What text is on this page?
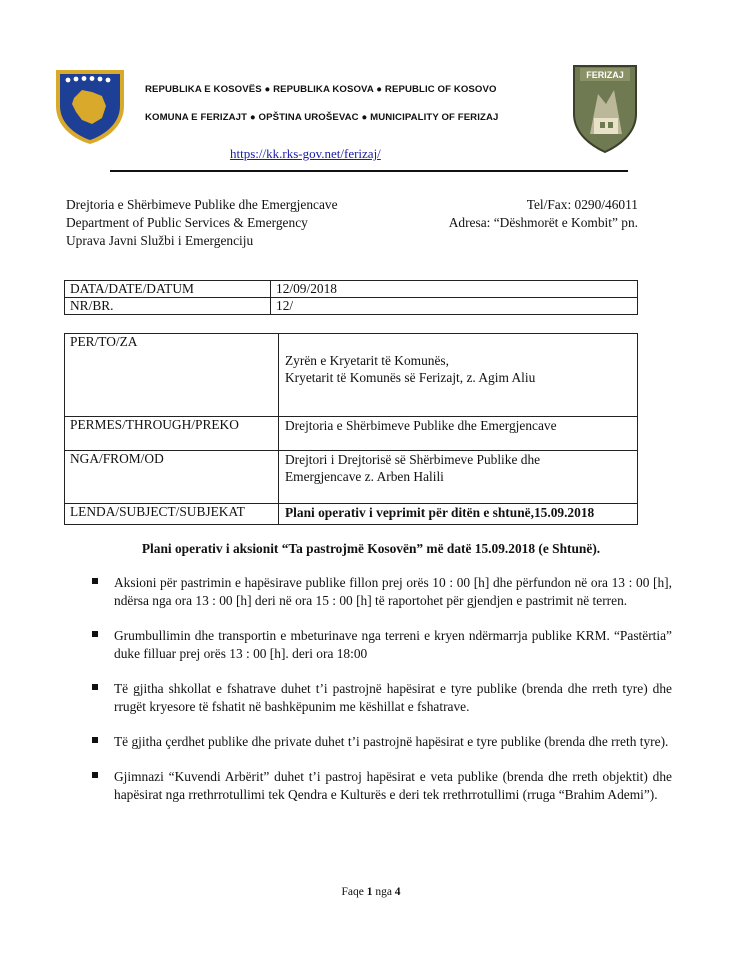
REPUBLIKA E KOSOVËS ● REPUBLIKA KOSOVA ● REPUBLIC OF KOSOVO
KOMUNA E FERIZAJT ● OPŠTINA UROŠEVAC ● MUNICIPALITY OF FERIZAJ
FERIZAJ
https://kk.rks-gov.net/ferizaj/
Drejtoria e Shërbimeve Publike dhe Emergjencave
Department of Public Services & Emergency
Uprava Javni Službi i Emergenciju
Tel/Fax: 0290/46011
Adresa: “Dëshmorët e Kombit” pn.
DATA/DATE/DATUM	12/09/2018
NR/BR.	12/
PER/TO/ZA	Zyrën e Kryetarit të Komunës,
Kryetarit të Komunës së Ferizajt, z. Agim Aliu

PERMES/THROUGH/PREKO	Drejtoria e Shërbimeve Publike dhe Emergjencave
NGA/FROM/OD	Drejtori i Drejtorisë së Shërbimeve Publike dhe
Emergjencave z. Arben Halili

LENDA/SUBJECT/SUBJEKAT	Plani operativ i veprimit për ditën e shtunë,15.09.2018
Plani operativ i aksionit “Ta pastrojmë Kosovën” më datë 15.09.2018 (e Shtunë).
Aksioni për pastrimin e hapësirave publike fillon prej orës 10 : 00 [h] dhe përfundon në ora 13 : 00 [h], ndërsa nga ora 13 : 00 [h] deri në ora 15 : 00 [h] të raportohet për gjendjen e pastrimit në terren.
Grumbullimin dhe transportin e mbeturinave nga terreni e kryen ndërmarrja publike KRM. “Pastërtia” duke filluar prej orës 13 : 00 [h]. deri ora 18:00
Të gjitha shkollat e fshatrave duhet t’i pastrojnë hapësirat e tyre publike (brenda dhe rreth tyre) dhe rrugët kryesore të fshatit në bashkëpunim me këshillat e fshatrave.
Të gjitha çerdhet publike dhe private duhet t’i pastrojnë hapësirat e tyre publike (brenda dhe rreth tyre).
Gjimnazi “Kuvendi Arbërit” duhet t’i pastroj hapësirat e veta publike (brenda dhe rreth objektit) dhe hapësirat nga rrethrrotullimi tek Qendra e Kulturës e deri tek rrethrrotullimi (rruga “Brahim Ademi”).
Faqe 1 nga 4
